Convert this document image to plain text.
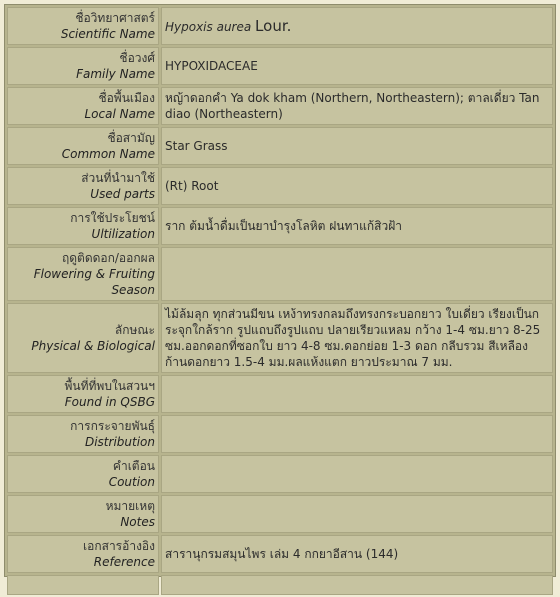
ชื่อวิทยาศาสตร์
Scientific Name	Hypoxis aurea Lour.

ชื่อวงศ์
Family Name	HYPOXIDACEAE

ชื่อพื้นเมือง
Local Name	หญ้าดอกคำ Ya dok kham (Northern, Northeastern); ตาลเดี่ยว Tan diao (Northeastern)

ชื่อสามัญ
Common Name	Star Grass

ส่วนที่นำมาใช้
Used parts	(Rt) Root

การใช้ประโยชน์
Ultilization	ราก ต้มน้ำดื่มเป็นยาบำรุงโลหิต ฝนทาแก้สิวฝ้า

ฤดูติดดอก/ออกผล
Flowering & Fruiting Season	

ลักษณะ
Physical & Biological	ไม้ล้มลุก ทุกส่วนมีขน เหง้าทรงกลมถึงทรงกระบอกยาว ใบเดี่ยว เรียงเป็นกระจุกใกล้ราก รูปแถบถึงรูปแถบ ปลายเรียวแหลม กว้าง 1-4 ซม.ยาว 8-25 ซม.ออกดอกที่ซอกใบ ยาว 4-8 ซม.ดอกย่อย 1-3 ดอก กลีบรวม สีเหลือง ก้านดอกยาว 1.5-4 มม.ผลแห้งแตก ยาวประมาณ 7 มม.

พื้นที่ที่พบในสวนฯ
Found in QSBG	

การกระจายพันธุ์
Distribution	

คำเตือน
Coution	

หมายเหตุ
Notes	

เอกสารอ้างอิง
Reference	สารานุกรมสมุนไพร เล่ม 4 กกยาอีสาน (144)
